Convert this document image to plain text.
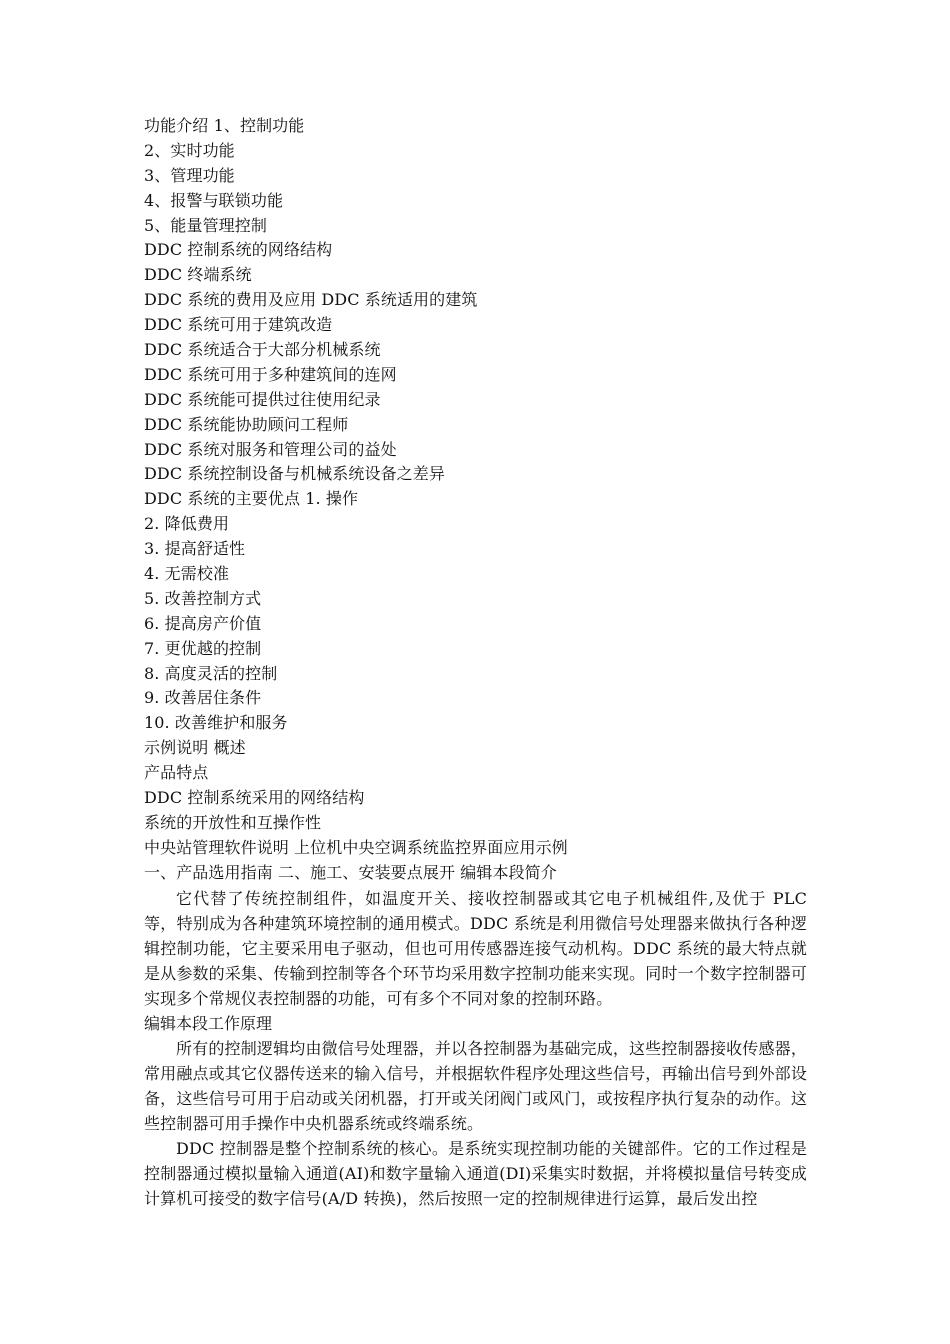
功能介绍 1、控制功能
2、实时功能
3、管理功能
4、报警与联锁功能
5、能量管理控制
DDC 控制系统的网络结构
DDC 终端系统
DDC 系统的费用及应用 DDC 系统适用的建筑
DDC 系统可用于建筑改造
DDC 系统适合于大部分机械系统
DDC 系统可用于多种建筑间的连网
DDC 系统能可提供过往使用纪录
DDC 系统能协助顾问工程师
DDC 系统对服务和管理公司的益处
DDC 系统控制设备与机械系统设备之差异
DDC 系统的主要优点 1. 操作
2. 降低费用
3. 提高舒适性
4. 无需校准
5. 改善控制方式
6. 提高房产价值
7. 更优越的控制
8. 高度灵活的控制
9. 改善居住条件
10. 改善维护和服务
示例说明 概述
产品特点
DDC 控制系统采用的网络结构
系统的开放性和互操作性
中央站管理软件说明 上位机中央空调系统监控界面应用示例
一、产品选用指南 二、施工、安装要点展开 编辑本段简介

它代替了传统控制组件，如温度开关、接收控制器或其它电子机械组件,及优于 PLC 等，特别成为各种建筑环境控制的通用模式。DDC 系统是利用微信号处理器来做执行各种逻辑控制功能，它主要采用电子驱动，但也可用传感器连接气动机构。DDC 系统的最大特点就是从参数的采集、传输到控制等各个环节均采用数字控制功能来实现。同时一个数字控制器可实现多个常规仪表控制器的功能，可有多个不同对象的控制环路。

编辑本段工作原理

所有的控制逻辑均由微信号处理器，并以各控制器为基础完成，这些控制器接收传感器，常用融点或其它仪器传送来的输入信号，并根据软件程序处理这些信号，再输出信号到外部设备，这些信号可用于启动或关闭机器，打开或关闭阀门或风门，或按程序执行复杂的动作。这些控制器可用手操作中央机器系统或终端系统。

DDC 控制器是整个控制系统的核心。是系统实现控制功能的关键部件。它的工作过程是控制器通过模拟量输入通道(AI)和数字量输入通道(DI)采集实时数据，并将模拟量信号转变成计算机可接受的数字信号(A/D 转换)，然后按照一定的控制规律进行运算，最后发出控
